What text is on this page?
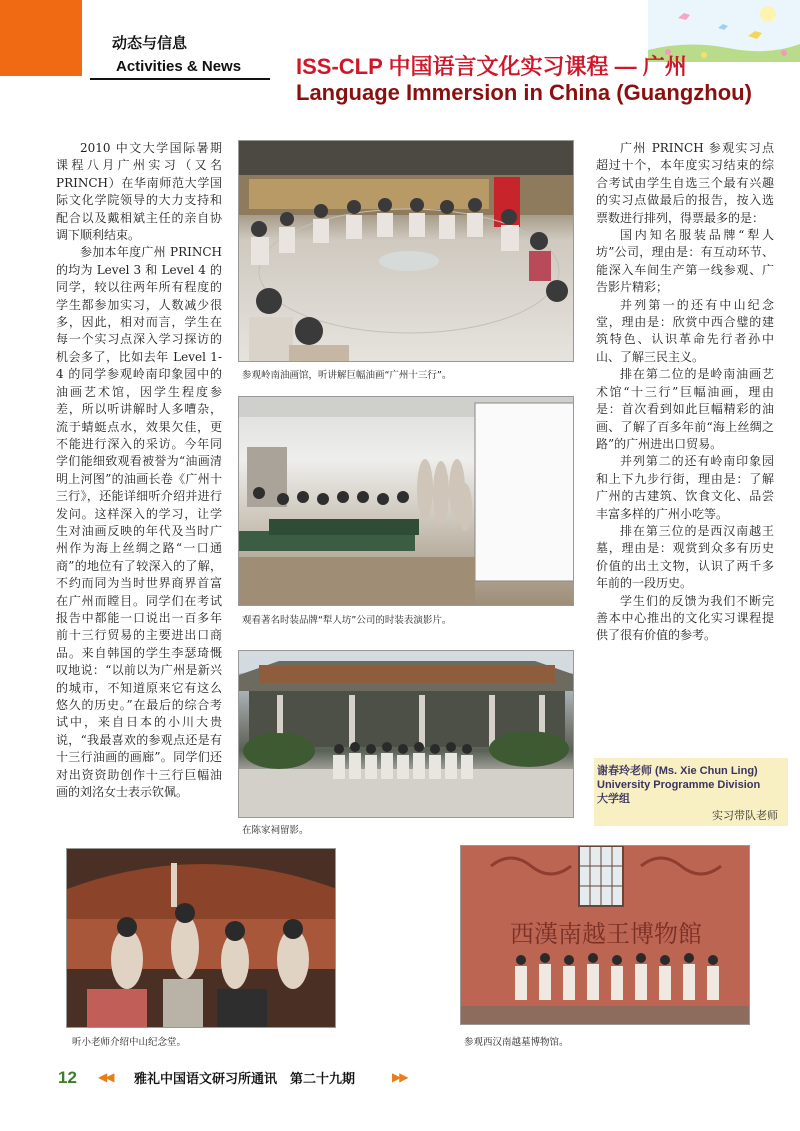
动态与信息
Activities & News ISS-CLP 中国语言文化实习课程 — 广州
Language Immersion in China (Guangzhou)

2010 中文大学国际暑期课程八月广州实习（又名 PRINCH）在华南师范大学国际文化学院领导的大力支持和配合以及戴相斌主任的亲自协调下顺利结束。

参加本年度广州 PRINCH 的均为 Level 3 和 Level 4 的同学，较以往两年所有程度的学生都参加实习，人数减少很多，因此，相对而言，学生在每一个实习点深入学习探访的机会多了，比如去年 Level 1-4 的同学参观岭南印象园中的油画艺术馆，因学生程度参差，所以听讲解时人多嘈杂，流于蜻蜓点水，效果欠佳，更不能进行深入的采访。今年同学们能细致观看被誉为“油画清明上河图”的油画长卷《广州十三行》，还能详细听介绍并进行发问。这样深入的学习，让学生对油画反映的年代及当时广州作为海上丝绸之路“一口通商”的地位有了较深入的了解，不约而同为当时世界商界首富在广州而瞠目。同学们在考试报告中都能一口说出一百多年前十三行贸易的主要进出口商品。来自韩国的学生李瑟琦慨叹地说：“以前以为广州是新兴的城市，不知道原来它有这么悠久的历史。”在最后的综合考试中，来自日本的小川大贵说，“我最喜欢的参观点还是有十三行油画的画廊”。同学们还对出资资助创作十三行巨幅油画的刘洺女士表示钦佩。

参观岭南油画馆，听讲解巨幅油画“广州十三行”。
观看著名时装品牌“犁人坊”公司的时装表演影片。
在陈家祠留影。

广州 PRINCH 参观实习点超过十个，本年度实习结束的综合考试由学生自选三个最有兴趣的实习点做最后的报告，按入选票数进行排列，得票最多的是：

国内知名服装品牌“犁人坊”公司，理由是：有互动环节、能深入车间生产第一线参观、广告影片精彩；

并列第一的还有中山纪念堂，理由是：欣赏中西合璧的建筑特色、认识革命先行者孙中山、了解三民主义。

排在第二位的是岭南油画艺术馆“十三行”巨幅油画，理由是：首次看到如此巨幅精彩的油画、了解了百多年前“海上丝绸之路”的广州进出口贸易。

并列第二的还有岭南印象园和上下九步行街，理由是：了解广州的古建筑、饮食文化、品尝丰富多样的广州小吃等。

排在第三位的是西汉南越王墓，理由是：观赏到众多有历史价值的出土文物，认识了两千多年前的一段历史。

学生们的反馈为我们不断完善本中心推出的文化实习课程提供了很有价值的参考。

谢春玲老师 (Ms. Xie Chun Ling)
University Programme Division
大学组
实习带队老师
听小老师介绍中山纪念堂。
西漢南越王博物館
参观西汉南越墓博物馆。
12 ◀◀ 雅礼中国语文研习所通讯　第二十九期	▶▶
